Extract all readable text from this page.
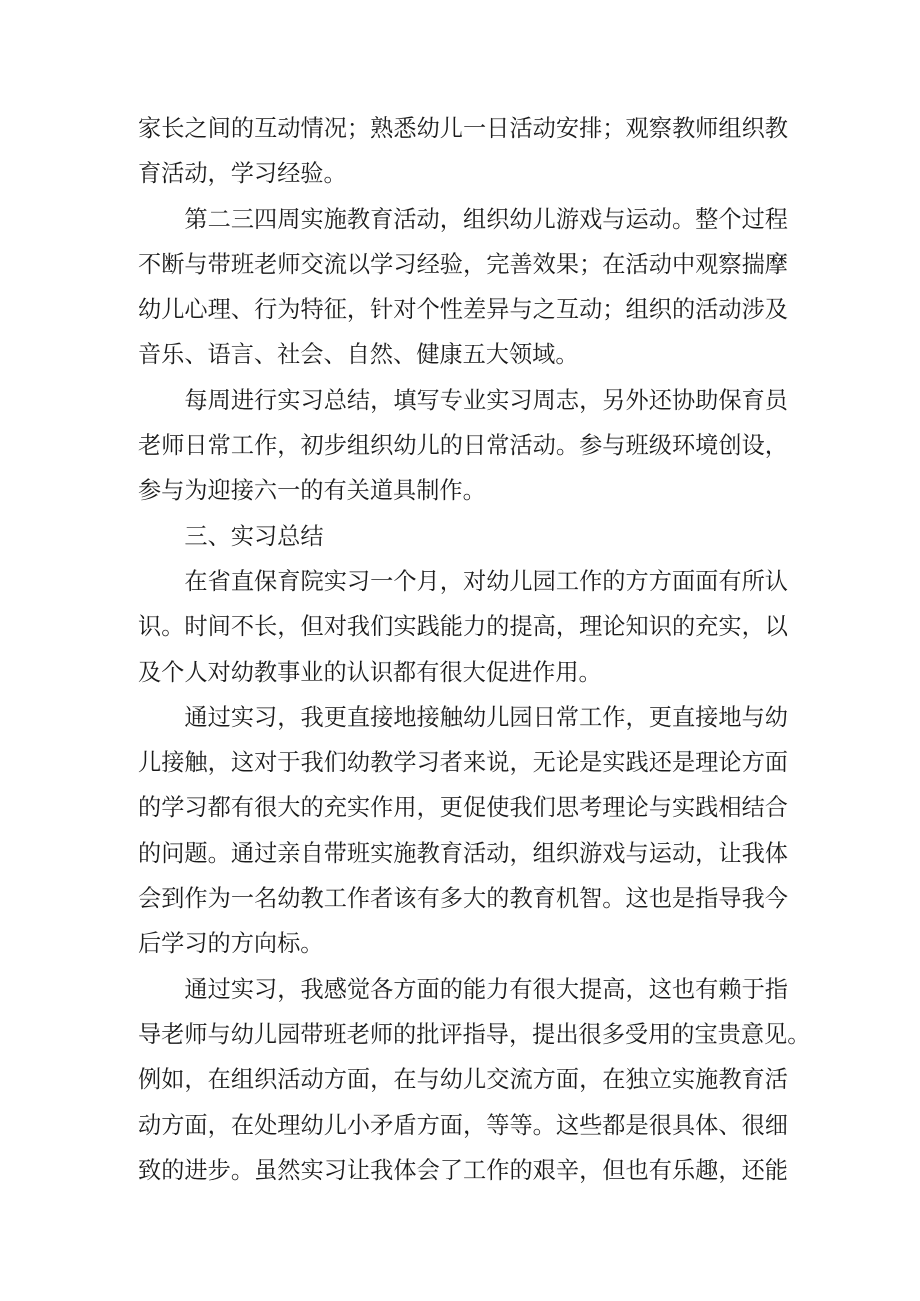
家长之间的互动情况；熟悉幼儿一日活动安排；观察教师组织教
育活动，学习经验。

第二三四周实施教育活动，组织幼儿游戏与运动。整个过程
不断与带班老师交流以学习经验，完善效果；在活动中观察揣摩
幼儿心理、行为特征，针对个性差异与之互动；组织的活动涉及
音乐、语言、社会、自然、健康五大领域。

每周进行实习总结，填写专业实习周志，另外还协助保育员
老师日常工作，初步组织幼儿的日常活动。参与班级环境创设，
参与为迎接六一的有关道具制作。

三、实习总结

在省直保育院实习一个月，对幼儿园工作的方方面面有所认
识。时间不长，但对我们实践能力的提高，理论知识的充实，以
及个人对幼教事业的认识都有很大促进作用。

通过实习，我更直接地接触幼儿园日常工作，更直接地与幼
儿接触，这对于我们幼教学习者来说，无论是实践还是理论方面
的学习都有很大的充实作用，更促使我们思考理论与实践相结合
的问题。通过亲自带班实施教育活动，组织游戏与运动，让我体
会到作为一名幼教工作者该有多大的教育机智。这也是指导我今
后学习的方向标。

通过实习，我感觉各方面的能力有很大提高，这也有赖于指
导老师与幼儿园带班老师的批评指导，提出很多受用的宝贵意见。
例如，在组织活动方面，在与幼儿交流方面，在独立实施教育活
动方面，在处理幼儿小矛盾方面，等等。这些都是很具体、很细
致的进步。虽然实习让我体会了工作的艰辛，但也有乐趣，还能
